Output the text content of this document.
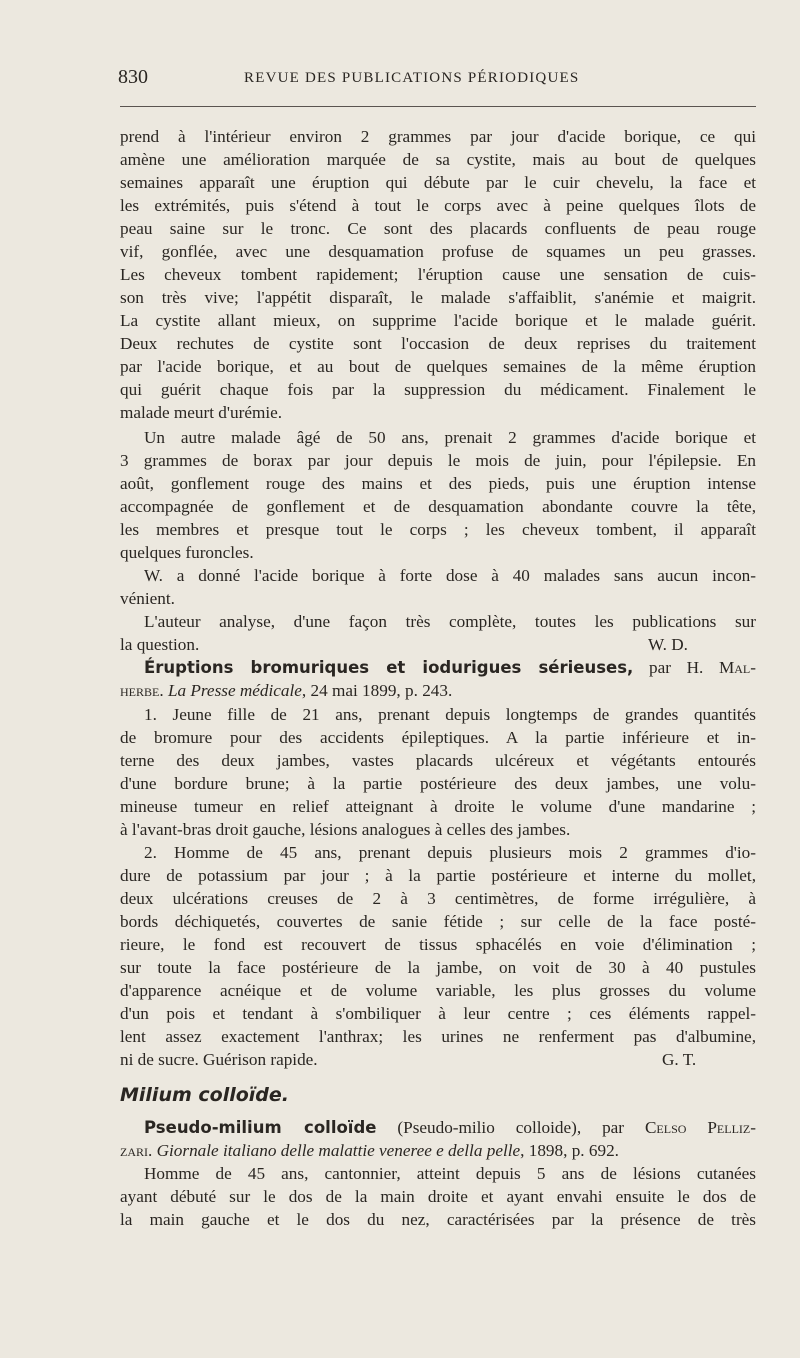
830	REVUE DES PUBLICATIONS PÉRIODIQUES
prend à l'intérieur environ 2 grammes par jour d'acide borique, ce qui
amène une amélioration marquée de sa cystite, mais au bout de quelques
semaines apparaît une éruption qui débute par le cuir chevelu, la face et
les extrémités, puis s'étend à tout le corps avec à peine quelques îlots de
peau saine sur le tronc. Ce sont des placards confluents de peau rouge
vif, gonflée, avec une desquamation profuse de squames un peu grasses.
Les cheveux tombent rapidement; l'éruption cause une sensation de cuis-
son très vive; l'appétit disparaît, le malade s'affaiblit, s'anémie et maigrit.
La cystite allant mieux, on supprime l'acide borique et le malade guérit.
Deux rechutes de cystite sont l'occasion de deux reprises du traitement
par l'acide borique, et au bout de quelques semaines de la même éruption
qui guérit chaque fois par la suppression du médicament. Finalement le
malade meurt d'urémie.
Un autre malade âgé de 50 ans, prenait 2 grammes d'acide borique et
3 grammes de borax par jour depuis le mois de juin, pour l'épilepsie. En
août, gonflement rouge des mains et des pieds, puis une éruption intense
accompagnée de gonflement et de desquamation abondante couvre la tête,
les membres et presque tout le corps ; les cheveux tombent, il apparaît
quelques furoncles.
W. a donné l'acide borique à forte dose à 40 malades sans aucun incon-
vénient.
L'auteur analyse, d'une façon très complète, toutes les publications sur
la question.	W. D.
Éruptions bromuriques et iodurigues sérieuses, par H. Mal-
herbe. La Presse médicale, 24 mai 1899, p. 243.
1. Jeune fille de 21 ans, prenant depuis longtemps de grandes quantités
de bromure pour des accidents épileptiques. A la partie inférieure et in-
terne des deux jambes, vastes placards ulcéreux et végétants entourés
d'une bordure brune; à la partie postérieure des deux jambes, une volu-
mineuse tumeur en relief atteignant à droite le volume d'une mandarine ;
à l'avant-bras droit gauche, lésions analogues à celles des jambes.
2. Homme de 45 ans, prenant depuis plusieurs mois 2 grammes d'io-
dure de potassium par jour ; à la partie postérieure et interne du mollet,
deux ulcérations creuses de 2 à 3 centimètres, de forme irrégulière, à
bords déchiquetés, couvertes de sanie fétide ; sur celle de la face posté-
rieure, le fond est recouvert de tissus sphacélés en voie d'élimination ;
sur toute la face postérieure de la jambe, on voit de 30 à 40 pustules
d'apparence acnéique et de volume variable, les plus grosses du volume
d'un pois et tendant à s'ombiliquer à leur centre ; ces éléments rappel-
lent assez exactement l'anthrax; les urines ne renferment pas d'albumine,
ni de sucre. Guérison rapide.	G. T.
Milium colloïde.
Pseudo-milium colloïde (Pseudo-milio colloide), par Celso Pelliz-
zari. Giornale italiano delle malattie veneree e della pelle, 1898, p. 692.
Homme de 45 ans, cantonnier, atteint depuis 5 ans de lésions cutanées
ayant débuté sur le dos de la main droite et ayant envahi ensuite le dos de
la main gauche et le dos du nez, caractérisées par la présence de très
